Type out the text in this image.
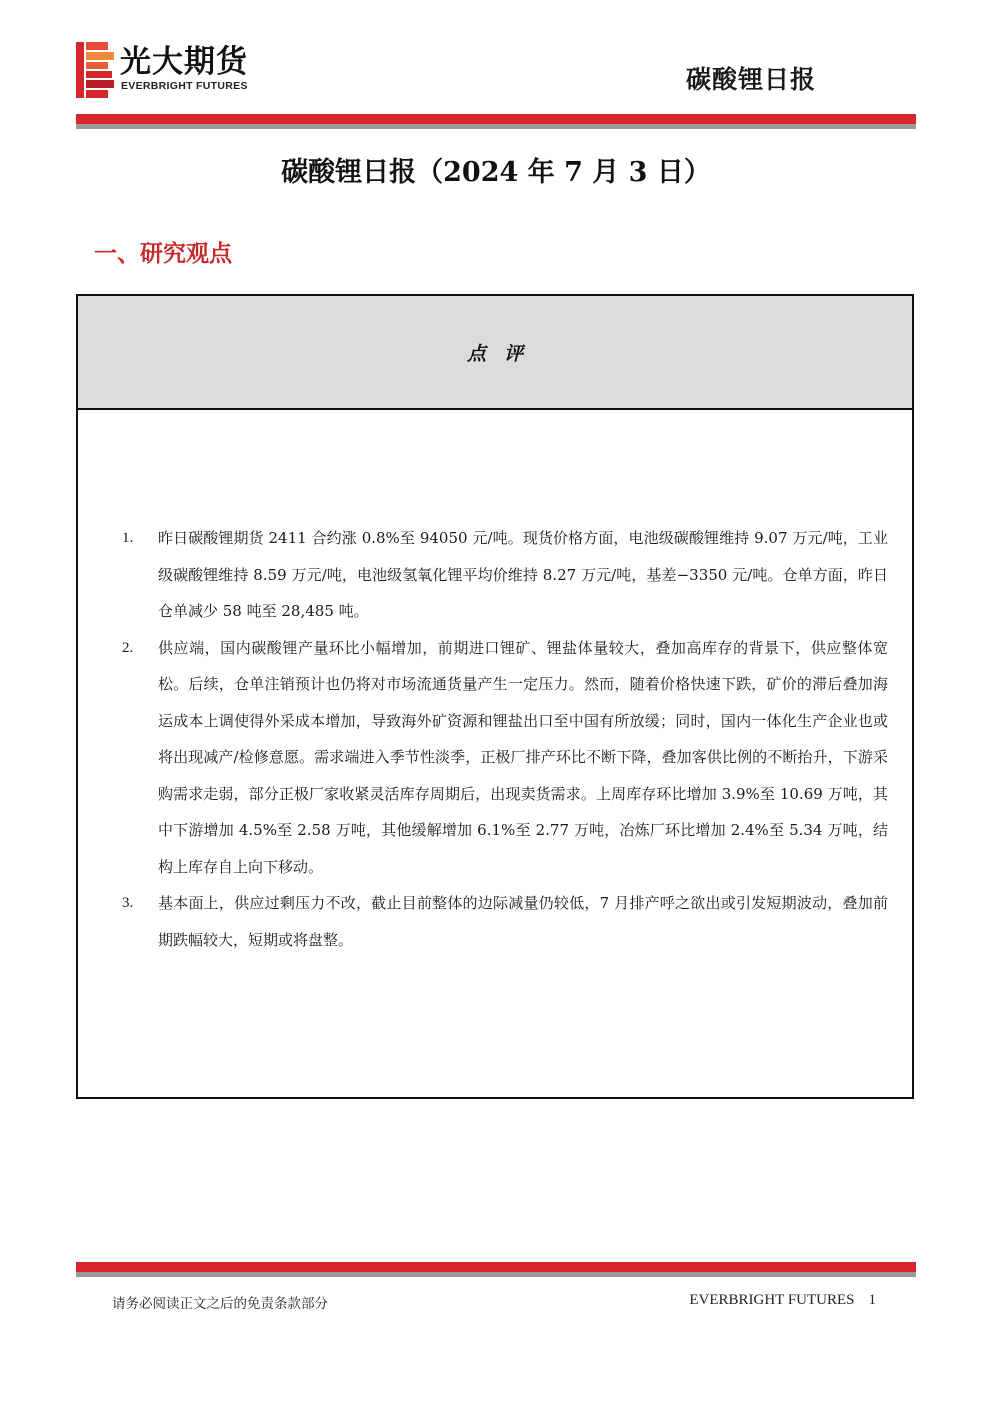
光大期货
EVERBRIGHT FUTURES	碳酸锂日报
碳酸锂日报（2024 年 7 月 3 日）
一、研究观点
点评
1. 昨日碳酸锂期货 2411 合约涨 0.8%至 94050 元/吨。现货价格方面，电池级碳酸锂维持 9.07 万元/吨，工业级碳酸锂维持 8.59 万元/吨，电池级氢氧化锂平均价维持 8.27 万元/吨，基差−3350 元/吨。仓单方面，昨日仓单减少 58 吨至 28,485 吨。
2. 供应端，国内碳酸锂产量环比小幅增加，前期进口锂矿、锂盐体量较大，叠加高库存的背景下，供应整体宽松。后续，仓单注销预计也仍将对市场流通货量产生一定压力。然而，随着价格快速下跌，矿价的滞后叠加海运成本上调使得外采成本增加，导致海外矿资源和锂盐出口至中国有所放缓；同时，国内一体化生产企业也或将出现减产/检修意愿。需求端进入季节性淡季，正极厂排产环比不断下降，叠加客供比例的不断抬升，下游采购需求走弱，部分正极厂家收紧灵活库存周期后，出现卖货需求。上周库存环比增加 3.9%至 10.69 万吨，其中下游增加 4.5%至 2.58 万吨，其他缓解增加 6.1%至 2.77 万吨，冶炼厂环比增加 2.4%至 5.34 万吨，结构上库存自上向下移动。
3. 基本面上，供应过剩压力不改，截止目前整体的边际减量仍较低，7 月排产呼之欲出或引发短期波动，叠加前期跌幅较大，短期或将盘整。
请务必阅读正文之后的免责条款部分	EVERBRIGHT FUTURES 1
